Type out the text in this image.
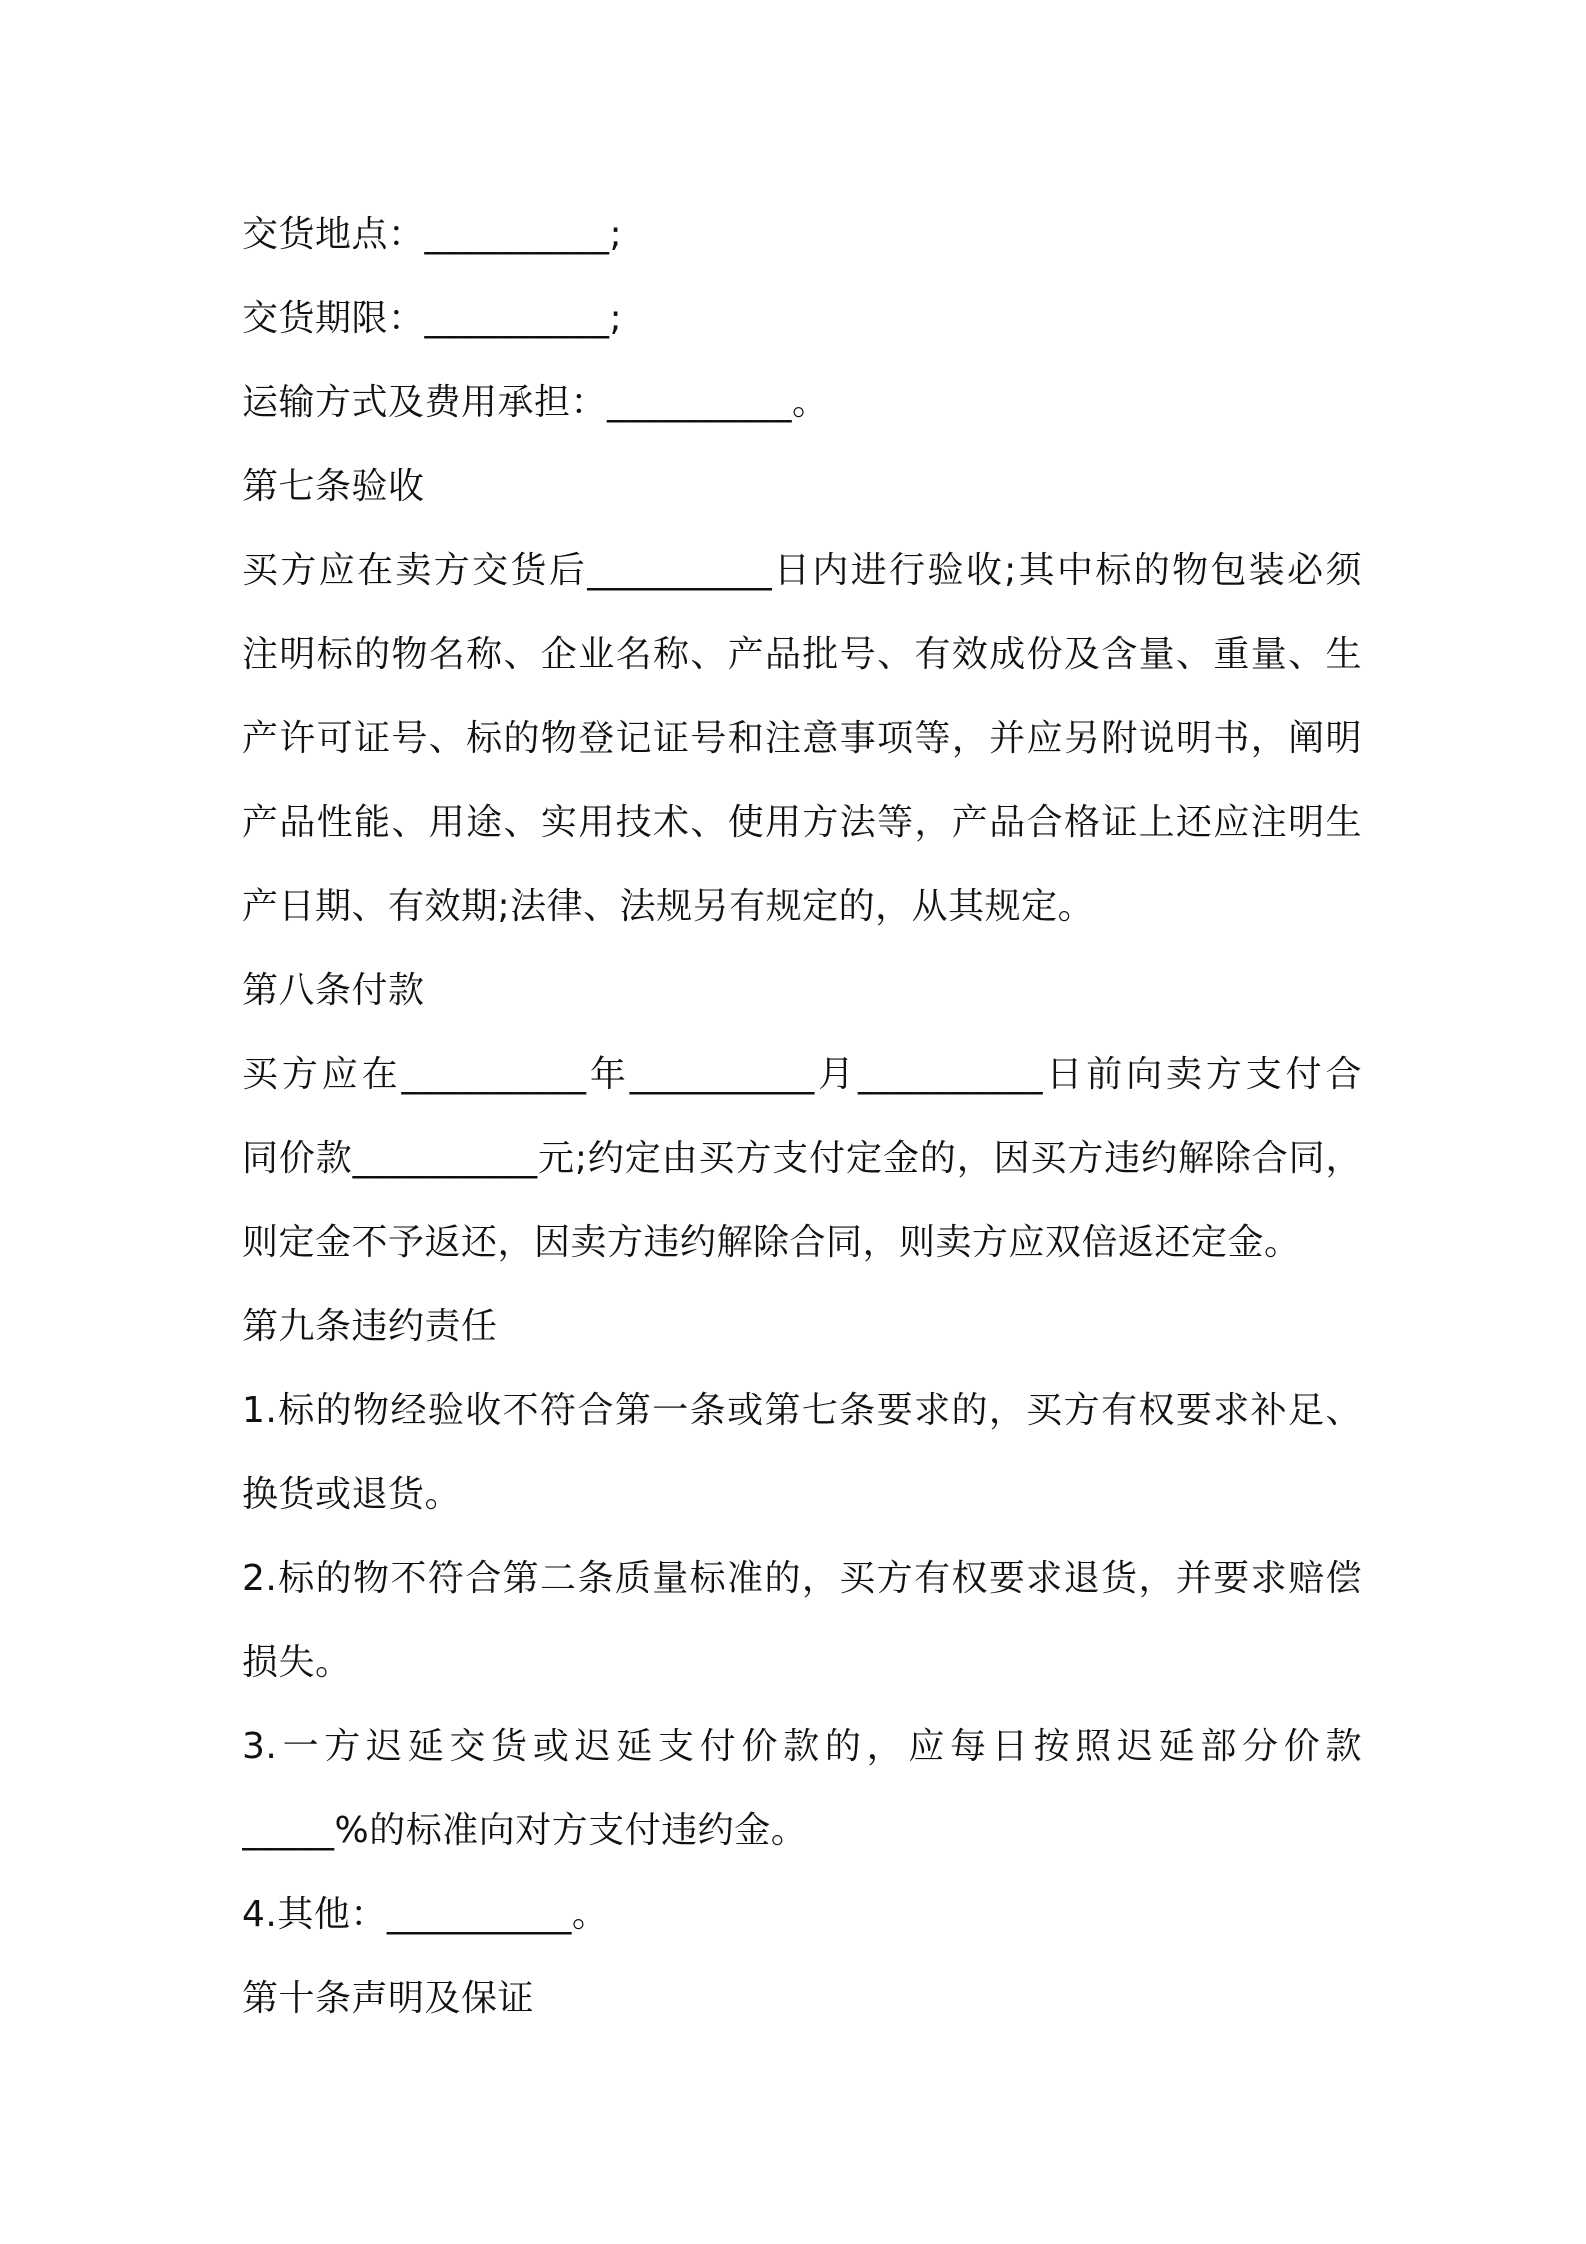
交货地点：__________;
交货期限：__________;
运输方式及费用承担：__________。
第七条验收
买方应在卖方交货后__________日内进行验收;其中标的物包装必须
注明标的物名称、企业名称、产品批号、有效成份及含量、重量、生
产许可证号、标的物登记证号和注意事项等，并应另附说明书，阐明
产品性能、用途、实用技术、使用方法等，产品合格证上还应注明生
产日期、有效期;法律、法规另有规定的，从其规定。
第八条付款
买方应在__________年__________月__________日前向卖方支付合
同价款__________元;约定由买方支付定金的，因买方违约解除合同，
则定金不予返还，因卖方违约解除合同，则卖方应双倍返还定金。
第九条违约责任
1.标的物经验收不符合第一条或第七条要求的，买方有权要求补足、
换货或退货。
2.标的物不符合第二条质量标准的，买方有权要求退货，并要求赔偿
损失。
3.一方迟延交货或迟延支付价款的，应每日按照迟延部分价款
_____%的标准向对方支付违约金。
4.其他：__________。
第十条声明及保证
